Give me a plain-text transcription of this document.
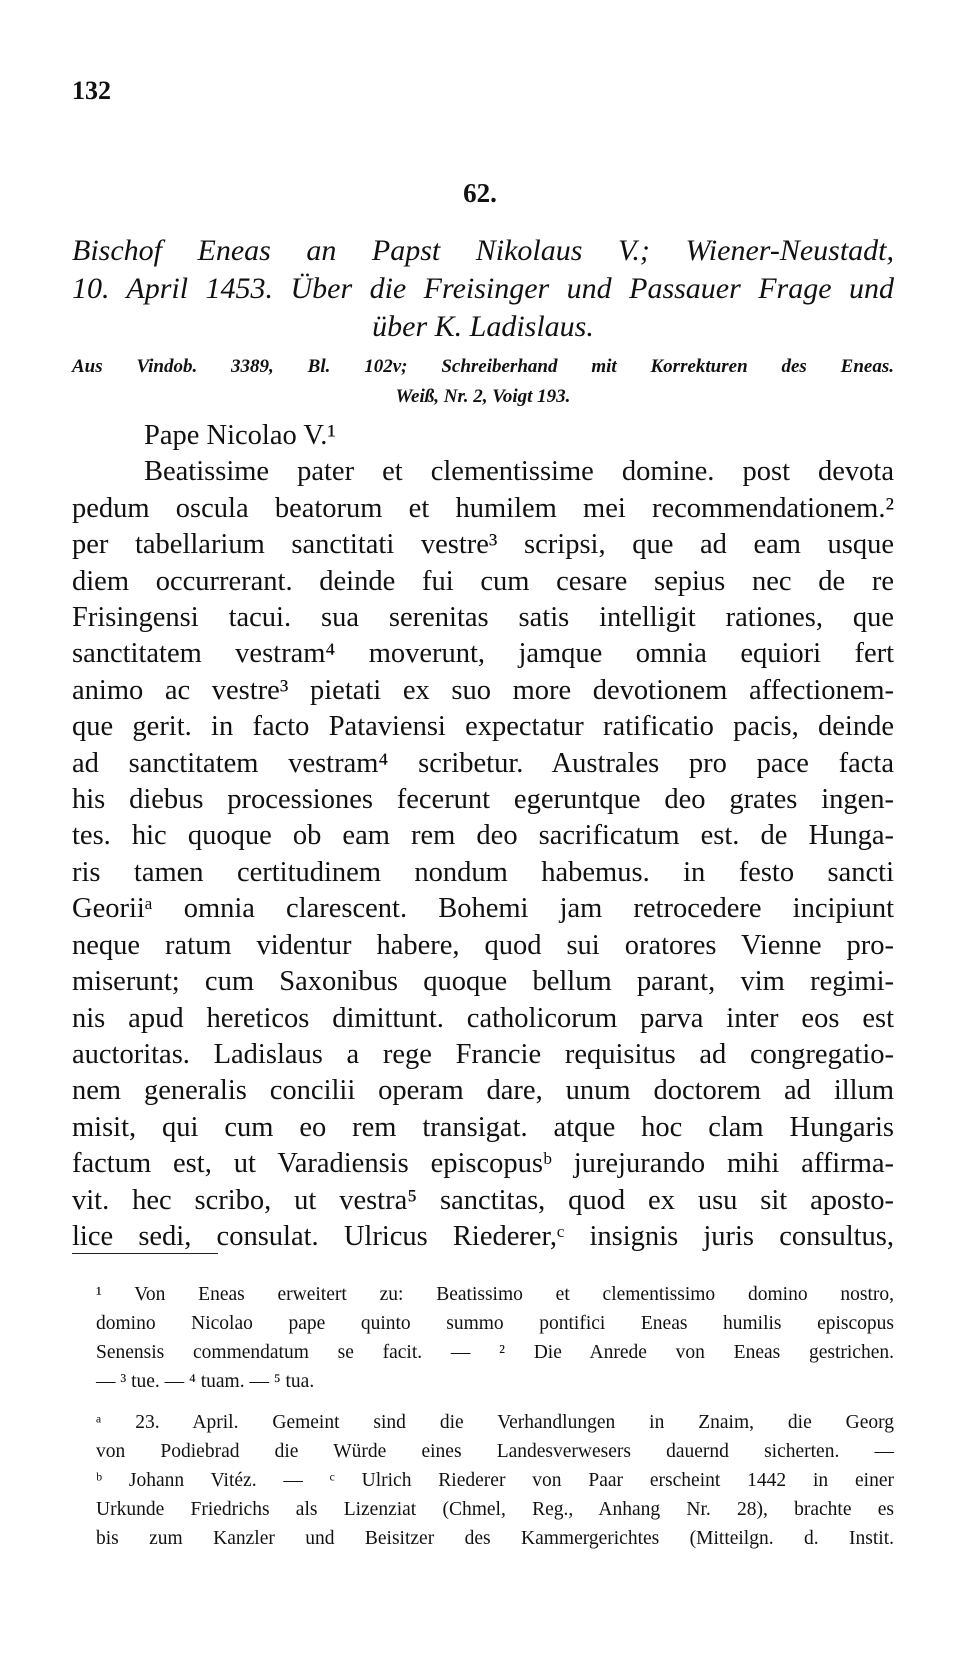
132
62.
Bischof Eneas an Papst Nikolaus V.; Wiener-Neustadt,
10. April 1453. Über die Freisinger und Passauer Frage und
über K. Ladislaus.
Aus Vindob. 3389, Bl. 102v; Schreiberhand mit Korrekturen des Eneas.
Weiß, Nr. 2, Voigt 193.
Pape Nicolao V.¹
Beatissime pater et clementissime domine. post devota
pedum oscula beatorum et humilem mei recommendationem.²
per tabellarium sanctitati vestre³ scripsi, que ad eam usque
diem occurrerant. deinde fui cum cesare sepius nec de re
Frisingensi tacui. sua serenitas satis intelligit rationes, que
sanctitatem vestram⁴ moverunt, jamque omnia equiori fert
animo ac vestre³ pietati ex suo more devotionem affectionem-
que gerit. in facto Pataviensi expectatur ratificatio pacis, deinde
ad sanctitatem vestram⁴ scribetur. Australes pro pace facta
his diebus processiones fecerunt egeruntque deo grates ingen-
tes. hic quoque ob eam rem deo sacrificatum est. de Hunga-
ris tamen certitudinem nondum habemus. in festo sancti
Georiiᵃ omnia clarescent. Bohemi jam retrocedere incipiunt
neque ratum videntur habere, quod sui oratores Vienne pro-
miserunt; cum Saxonibus quoque bellum parant, vim regimi-
nis apud hereticos dimittunt. catholicorum parva inter eos est
auctoritas. Ladislaus a rege Francie requisitus ad congregatio-
nem generalis concilii operam dare, unum doctorem ad illum
misit, qui cum eo rem transigat. atque hoc clam Hungaris
factum est, ut Varadiensis episcopusᵇ jurejurando mihi affirma-
vit. hec scribo, ut vestra⁵ sanctitas, quod ex usu sit aposto-
lice sedi, consulat. Ulricus Riederer,ᶜ insignis juris consultus,
¹ Von Eneas erweitert zu: Beatissimo et clementissimo domino nostro,
domino Nicolao pape quinto summo pontifici Eneas humilis episcopus
Senensis commendatum se facit. — ² Die Anrede von Eneas gestrichen.
— ³ tue. — ⁴ tuam. — ⁵ tua.
ᵃ 23. April. Gemeint sind die Verhandlungen in Znaim, die Georg
von Podiebrad die Würde eines Landesverwesers dauernd sicherten. —
ᵇ Johann Vitéz. — ᶜ Ulrich Riederer von Paar erscheint 1442 in einer
Urkunde Friedrichs als Lizenziat (Chmel, Reg., Anhang Nr. 28), brachte es
bis zum Kanzler und Beisitzer des Kammergerichtes (Mitteilgn. d. Instit.
